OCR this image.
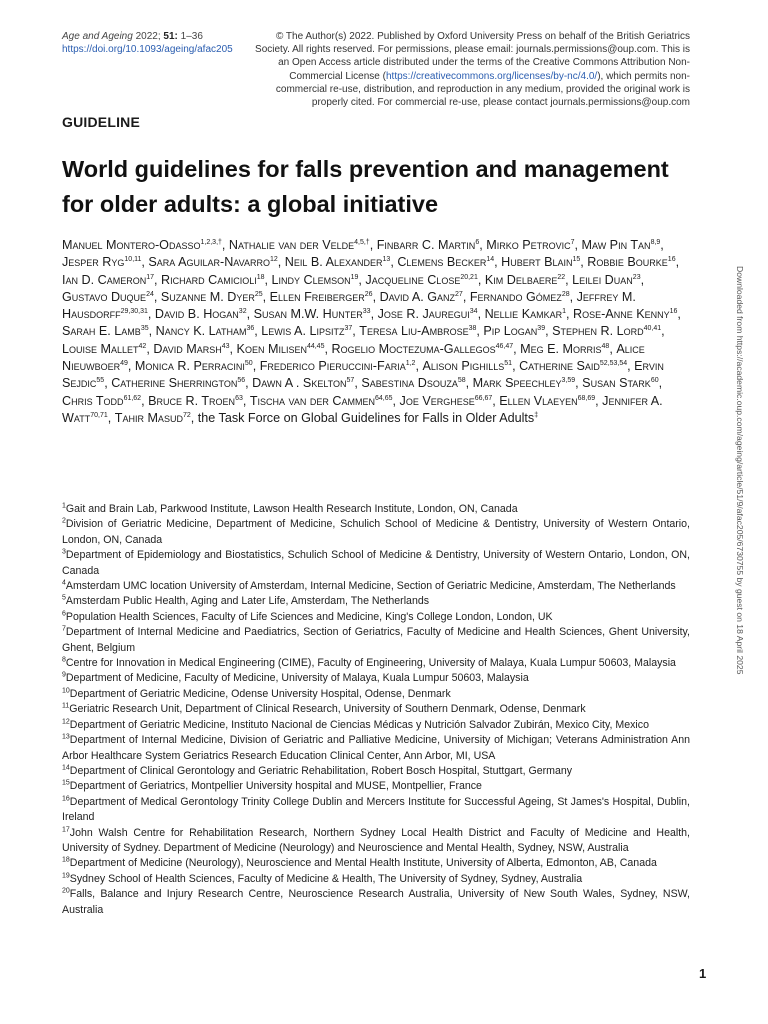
Age and Ageing 2022; 51: 1–36
https://doi.org/10.1093/ageing/afac205
© The Author(s) 2022. Published by Oxford University Press on behalf of the British Geriatrics Society. All rights reserved. For permissions, please email: journals.permissions@oup.com. This is an Open Access article distributed under the terms of the Creative Commons Attribution Non-Commercial License (https://creativecommons.org/licenses/by-nc/4.0/), which permits non-commercial re-use, distribution, and reproduction in any medium, provided the original work is properly cited. For commercial re-use, please contact journals.permissions@oup.com
GUIDELINE
World guidelines for falls prevention and management for older adults: a global initiative
Manuel Montero-Odasso$^{1,2,3,\dagger}$, Nathalie van der Velde$^{4,5,\dagger}$, Finbarr C. Martin$^6$, Mirko Petrovic$^7$, Maw Pin Tan$^{8,9}$, Jesper Ryg$^{10,11}$, Sara Aguilar-Navarro$^{12}$, Neil B. Alexander$^{13}$, Clemens Becker$^{14}$, Hubert Blain$^{15}$, Robbie Bourke$^{16}$, Ian D. Cameron$^{17}$, Richard Camicioli$^{18}$, Lindy Clemson$^{19}$, Jacqueline Close$^{20,21}$, Kim Delbaere$^{22}$, Leilei Duan$^{23}$, Gustavo Duque$^{24}$, Suzanne M. Dyer$^{25}$, Ellen Freiberger$^{26}$, David A. Ganz$^{27}$, Fernando Gómez$^{28}$, Jeffrey M. Hausdorff$^{29,30,31}$, David B. Hogan$^{32}$, Susan M.W. Hunter$^{33}$, Jose R. Jauregui$^{34}$, Nellie Kamkar$^1$, Rose-Anne Kenny$^{16}$, Sarah E. Lamb$^{35}$, Nancy K. Latham$^{36}$, Lewis A. Lipsitz$^{37}$, Teresa Liu-Ambrose$^{38}$, Pip Logan$^{39}$, Stephen R. Lord$^{40,41}$, Louise Mallet$^{42}$, David Marsh$^{43}$, Koen Milisen$^{44,45}$, Rogelio Moctezuma-Gallegos$^{46,47}$, Meg E. Morris$^{48}$, Alice Nieuwboer$^{49}$, Monica R. Perracini$^{50}$, Frederico Pieruccini-Faria$^{1,2}$, Alison Pighills$^{51}$, Catherine Said$^{52,53,54}$, Ervin Sejdic$^{55}$, Catherine Sherrington$^{56}$, Dawn A . Skelton$^{57}$, Sabestina Dsouza$^{58}$, Mark Speechley$^{3,59}$, Susan Stark$^{60}$, Chris Todd$^{61,62}$, Bruce R. Troen$^{63}$, Tischa van der Cammen$^{64,65}$, Joe Verghese$^{66,67}$, Ellen Vlaeyen$^{68,69}$, Jennifer A. Watt$^{70,71}$, Tahir Masud$^{72}$, the Task Force on Global Guidelines for Falls in Older Adults‡
$^1$Gait and Brain Lab, Parkwood Institute, Lawson Health Research Institute, London, ON, Canada
$^2$Division of Geriatric Medicine, Department of Medicine, Schulich School of Medicine & Dentistry, University of Western Ontario, London, ON, Canada
$^3$Department of Epidemiology and Biostatistics, Schulich School of Medicine & Dentistry, University of Western Ontario, London, ON, Canada
$^4$Amsterdam UMC location University of Amsterdam, Internal Medicine, Section of Geriatric Medicine, Amsterdam, The Netherlands
$^5$Amsterdam Public Health, Aging and Later Life, Amsterdam, The Netherlands
$^6$Population Health Sciences, Faculty of Life Sciences and Medicine, King's College London, London, UK
$^7$Department of Internal Medicine and Paediatrics, Section of Geriatrics, Faculty of Medicine and Health Sciences, Ghent University, Ghent, Belgium
$^8$Centre for Innovation in Medical Engineering (CIME), Faculty of Engineering, University of Malaya, Kuala Lumpur 50603, Malaysia
$^9$Department of Medicine, Faculty of Medicine, University of Malaya, Kuala Lumpur 50603, Malaysia
$^{10}$Department of Geriatric Medicine, Odense University Hospital, Odense, Denmark
$^{11}$Geriatric Research Unit, Department of Clinical Research, University of Southern Denmark, Odense, Denmark
$^{12}$Department of Geriatric Medicine, Instituto Nacional de Ciencias Médicas y Nutrición Salvador Zubirán, Mexico City, Mexico
$^{13}$Department of Internal Medicine, Division of Geriatric and Palliative Medicine, University of Michigan; Veterans Administration Ann Arbor Healthcare System Geriatrics Research Education Clinical Center, Ann Arbor, MI, USA
$^{14}$Department of Clinical Gerontology and Geriatric Rehabilitation, Robert Bosch Hospital, Stuttgart, Germany
$^{15}$Department of Geriatrics, Montpellier University hospital and MUSE, Montpellier, France
$^{16}$Department of Medical Gerontology Trinity College Dublin and Mercers Institute for Successful Ageing, St James's Hospital, Dublin, Ireland
$^{17}$John Walsh Centre for Rehabilitation Research, Northern Sydney Local Health District and Faculty of Medicine and Health, University of Sydney. Department of Medicine (Neurology) and Neuroscience and Mental Health, Sydney, NSW, Australia
$^{18}$Department of Medicine (Neurology), Neuroscience and Mental Health Institute, University of Alberta, Edmonton, AB, Canada
$^{19}$Sydney School of Health Sciences, Faculty of Medicine & Health, The University of Sydney, Sydney, Australia
$^{20}$Falls, Balance and Injury Research Centre, Neuroscience Research Australia, University of New South Wales, Sydney, NSW, Australia
Downloaded from https://academic.oup.com/ageing/article/51/9/afac205/6730755 by guest on 18 April 2025
1
